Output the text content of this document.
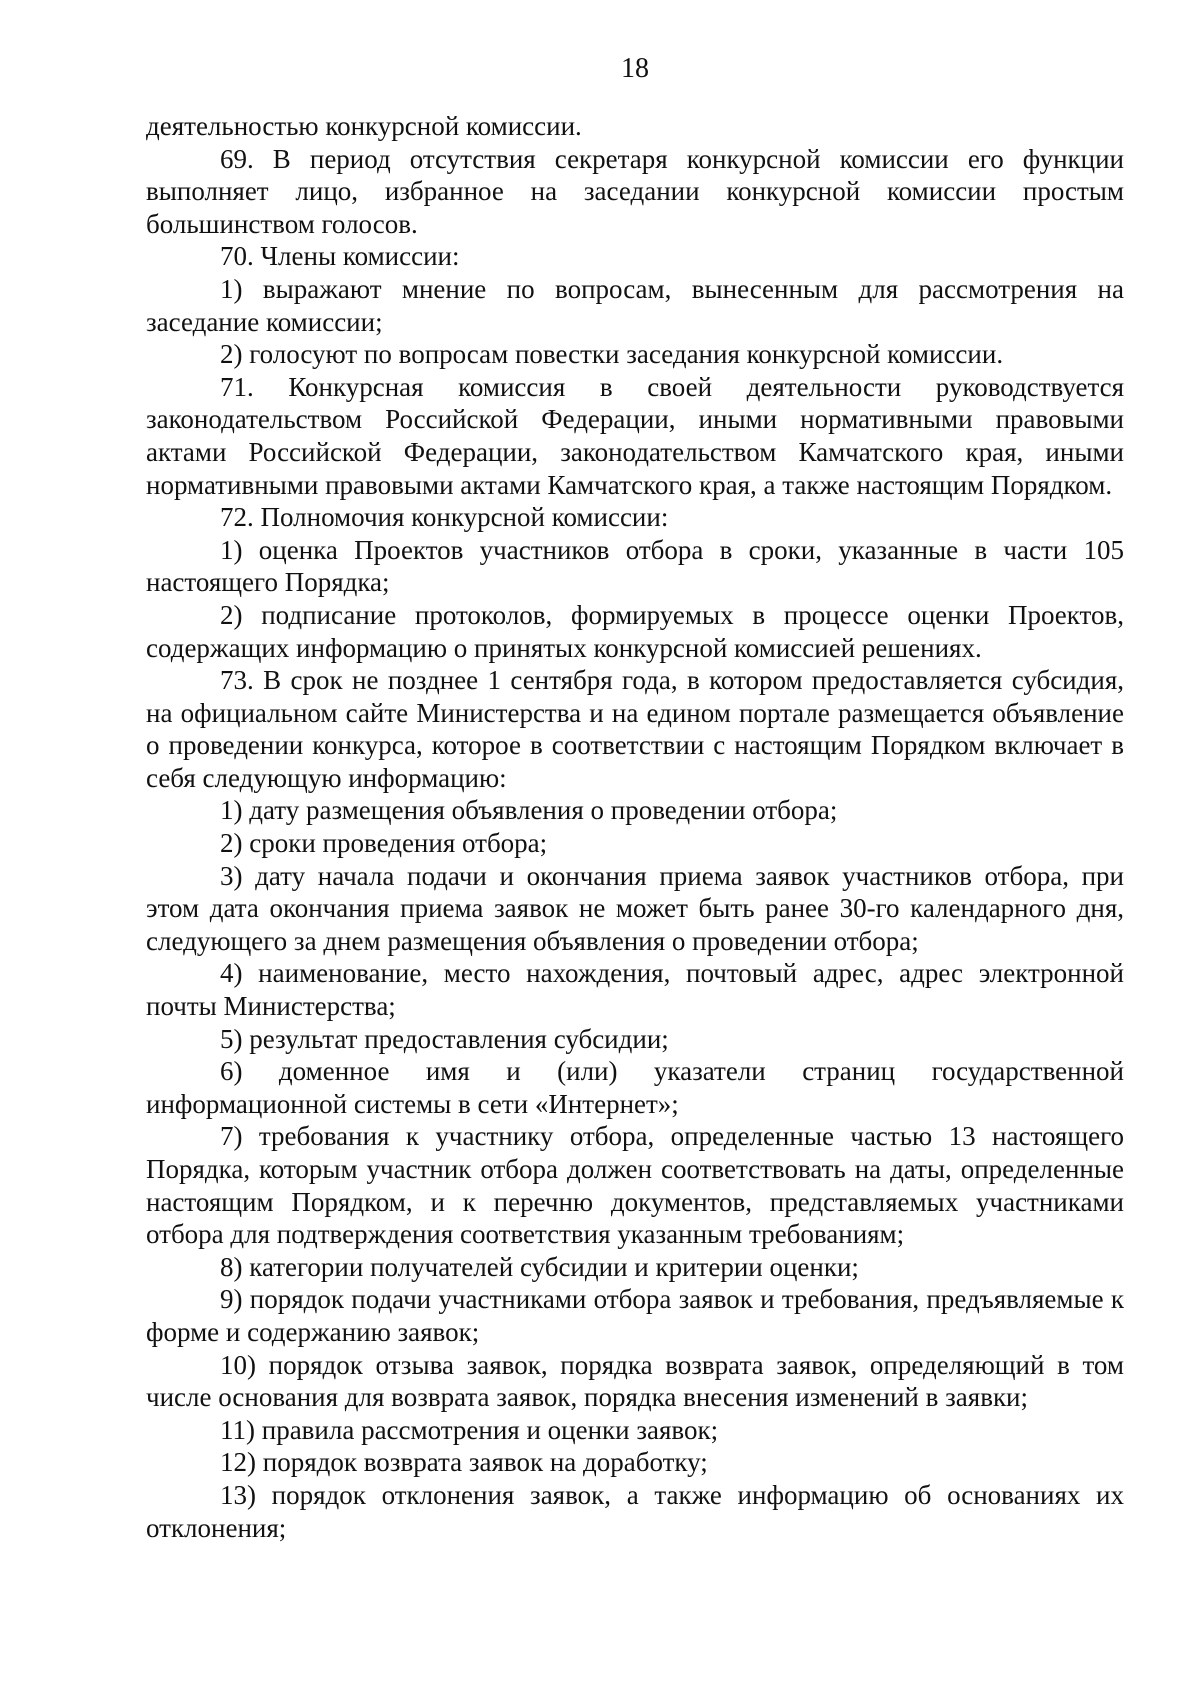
18

деятельностью конкурсной комиссии.

69. В период отсутствия секретаря конкурсной комиссии его функции выполняет лицо, избранное на заседании конкурсной комиссии простым большинством голосов.

70. Члены комиссии:

1) выражают мнение по вопросам, вынесенным для рассмотрения на заседание комиссии;

2) голосуют по вопросам повестки заседания конкурсной комиссии.

71. Конкурсная комиссия в своей деятельности руководствуется законодательством Российской Федерации, иными нормативными правовыми актами Российской Федерации, законодательством Камчатского края, иными нормативными правовыми актами Камчатского края, а также настоящим Порядком.

72. Полномочия конкурсной комиссии:

1) оценка Проектов участников отбора в сроки, указанные в части 105 настоящего Порядка;

2) подписание протоколов, формируемых в процессе оценки Проектов, содержащих информацию о принятых конкурсной комиссией решениях.

73. В срок не позднее 1 сентября года, в котором предоставляется субсидия, на официальном сайте Министерства и на едином портале размещается объявление о проведении конкурса, которое в соответствии с настоящим Порядком включает в себя следующую информацию:

1) дату размещения объявления о проведении отбора;

2) сроки проведения отбора;

3) дату начала подачи и окончания приема заявок участников отбора, при этом дата окончания приема заявок не может быть ранее 30-го календарного дня, следующего за днем размещения объявления о проведении отбора;

4) наименование, место нахождения, почтовый адрес, адрес электронной почты Министерства;

5) результат предоставления субсидии;

6) доменное имя и (или) указатели страниц государственной информационной системы в сети «Интернет»;

7) требования к участнику отбора, определенные частью 13 настоящего Порядка, которым участник отбора должен соответствовать на даты, определенные настоящим Порядком, и к перечню документов, представляемых участниками отбора для подтверждения соответствия указанным требованиям;

8) категории получателей субсидии и критерии оценки;

9) порядок подачи участниками отбора заявок и требования, предъявляемые к форме и содержанию заявок;

10) порядок отзыва заявок, порядка возврата заявок, определяющий в том числе основания для возврата заявок, порядка внесения изменений в заявки;

11) правила рассмотрения и оценки заявок;

12) порядок возврата заявок на доработку;

13) порядок отклонения заявок, а также информацию об основаниях их отклонения;
